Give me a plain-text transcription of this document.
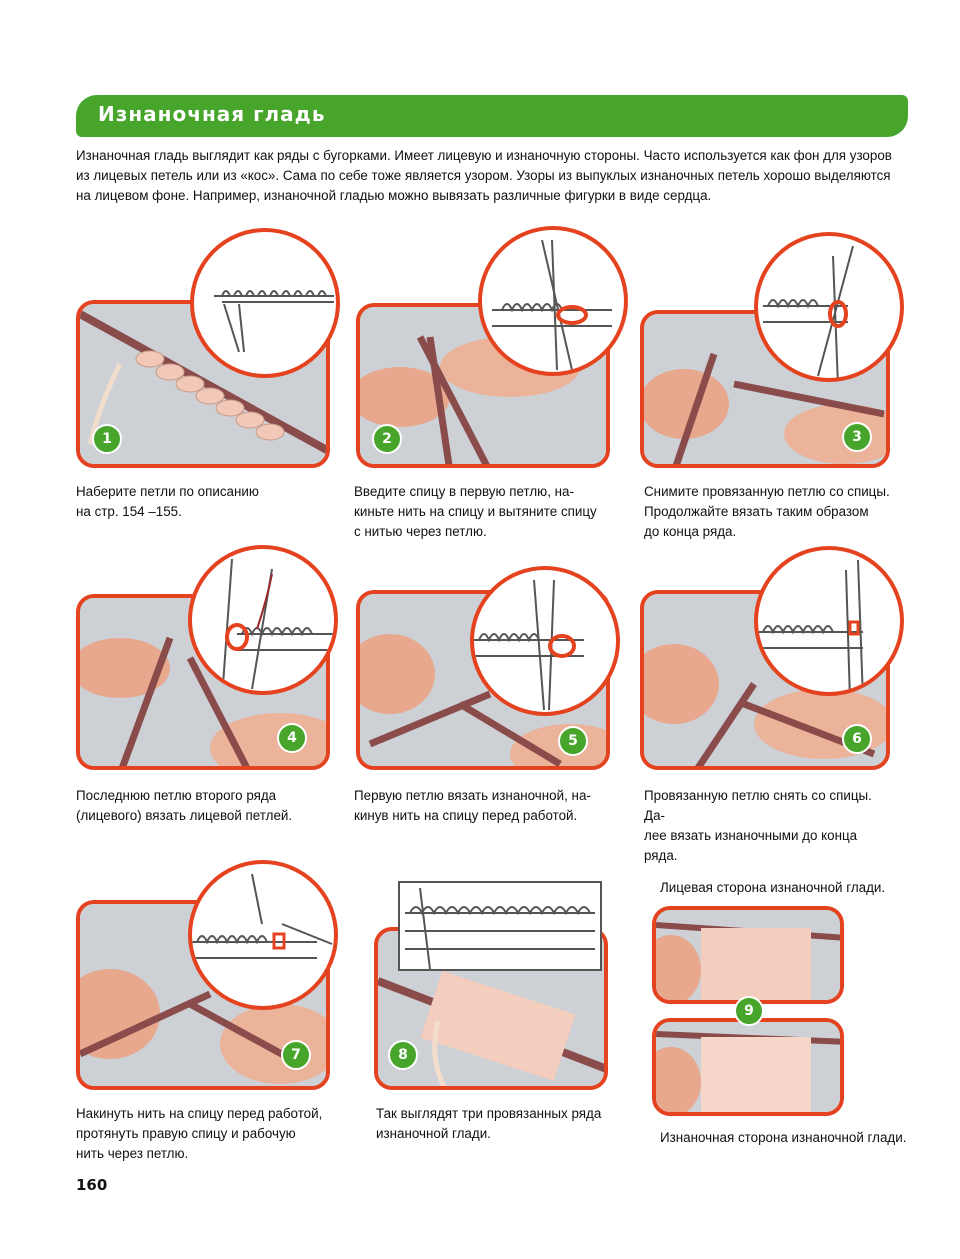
Изнаночная гладь
Изнаночная гладь выглядит как ряды с бугорками. Имеет лицевую и изнаночную стороны. Часто используется как фон для узоров
из лицевых петель или из «кос». Сама по себе тоже является узором. Узоры из выпуклых изнаночных петель хорошо выделяются
на лицевом фоне. Например, изнаночной гладью можно вывязать различные фигурки в виде сердца.
1
Наберите петли по описанию
на стр. 154 –155.
2
Введите спицу в первую петлю, на-
киньте нить на спицу и вытяните спицу
с нитью через петлю.
3
Снимите провязанную петлю со спицы.
Продолжайте вязать таким образом
до конца ряда.
4
Последнюю петлю второго ряда
(лицевого) вязать лицевой петлей.
5
Первую петлю вязать изнаночной, на-
кинув нить на спицу перед работой.
6
Провязанную петлю снять со спицы. Да-
лее вязать изнаночными до конца ряда.
7
Накинуть нить на спицу перед работой,
протянуть правую спицу и рабочую
нить через петлю.
8
Так выглядят три провязанных ряда
изнаночной глади.
Лицевая сторона изнаночной глади.
9
Изнаночная сторона изнаночной глади.
160
